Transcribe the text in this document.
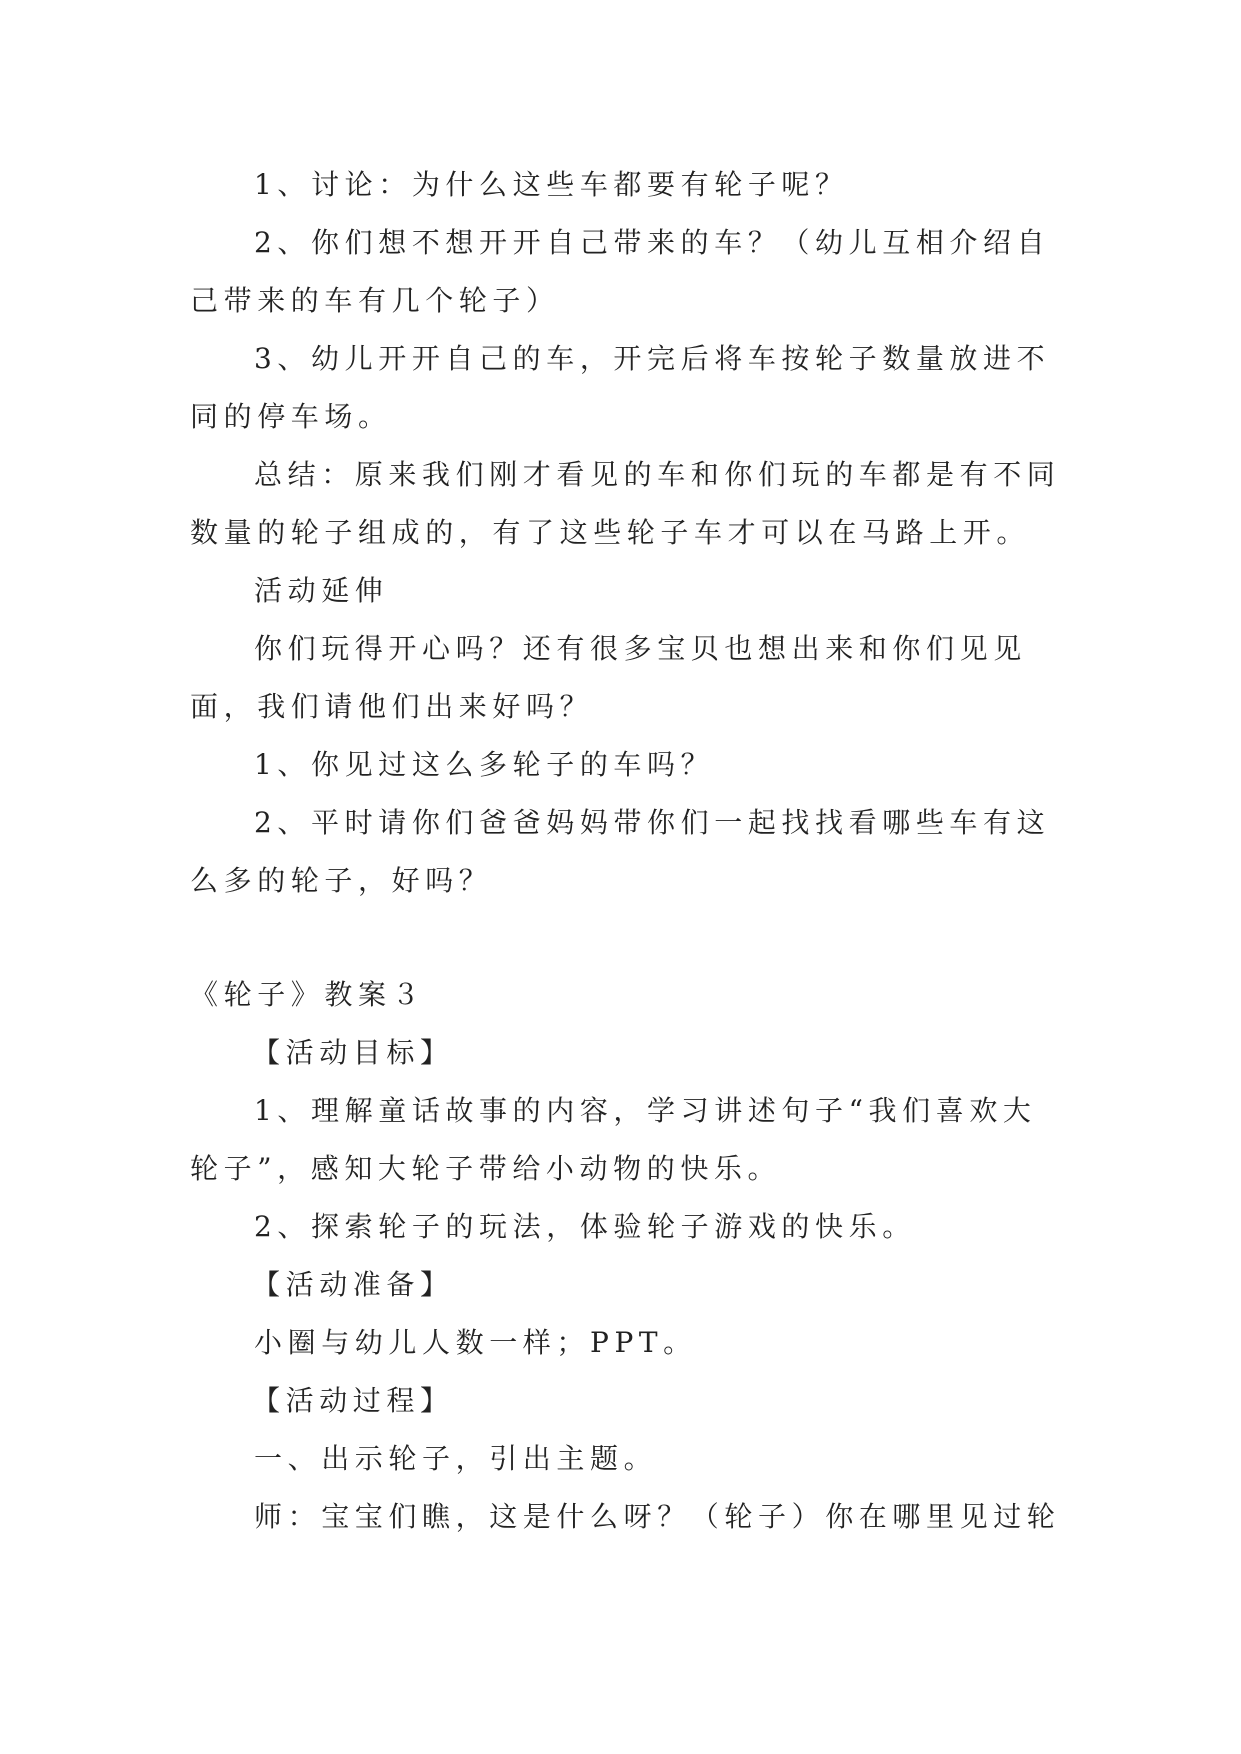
1、讨论：为什么这些车都要有轮子呢？
2、你们想不想开开自己带来的车？（幼儿互相介绍自
己带来的车有几个轮子）
3、幼儿开开自己的车，开完后将车按轮子数量放进不
同的停车场。
总结：原来我们刚才看见的车和你们玩的车都是有不同
数量的轮子组成的，有了这些轮子车才可以在马路上开。
活动延伸
你们玩得开心吗？还有很多宝贝也想出来和你们见见
面，我们请他们出来好吗？
1、你见过这么多轮子的车吗？
2、平时请你们爸爸妈妈带你们一起找找看哪些车有这
么多的轮子，好吗？
《轮子》教案３
【活动目标】
1、理解童话故事的内容，学习讲述句子“我们喜欢大
轮子”，感知大轮子带给小动物的快乐。
2、探索轮子的玩法，体验轮子游戏的快乐。
【活动准备】
小圈与幼儿人数一样；PPT。
【活动过程】
一、出示轮子，引出主题。
师：宝宝们瞧，这是什么呀？（轮子）你在哪里见过轮
